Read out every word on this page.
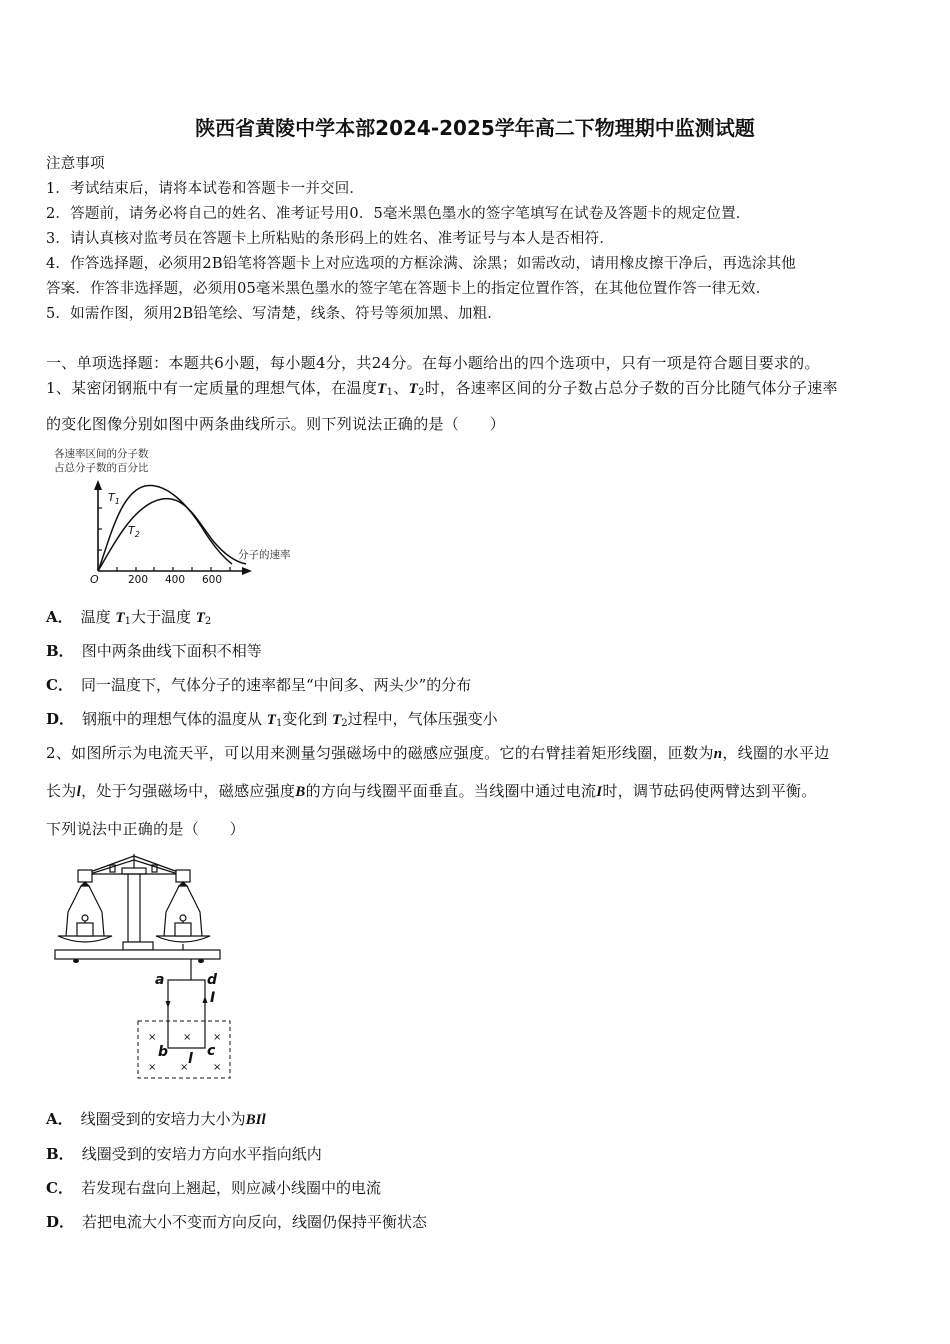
陕西省黄陵中学本部2024-2025学年高二下物理期中监测试题
注意事项
1．考试结束后，请将本试卷和答题卡一并交回．
2．答题前，请务必将自己的姓名、准考证号用0．5毫米黑色墨水的签字笔填写在试卷及答题卡的规定位置．
3．请认真核对监考员在答题卡上所粘贴的条形码上的姓名、准考证号与本人是否相符．
4．作答选择题，必须用2B铅笔将答题卡上对应选项的方框涂满、涂黑；如需改动，请用橡皮擦干净后，再选涂其他
答案．作答非选择题，必须用05毫米黑色墨水的签字笔在答题卡上的指定位置作答，在其他位置作答一律无效．
5．如需作图，须用2B铅笔绘、写清楚，线条、符号等须加黑、加粗．
一、单项选择题：本题共6小题，每小题4分，共24分。在每小题给出的四个选项中，只有一项是符合题目要求的。
1、某密闭钢瓶中有一定质量的理想气体，在温度$T_1$、$T_2$时，各速率区间的分子数占总分子数的百分比随气体分子速率
的变化图像分别如图中两条曲线所示。则下列说法正确的是（　　）
各速率区间的分子数
占总分子数的百分比
$T_1$
$T_2$
分子的速率
O	200 400 600
A． 温度 $T_1$大于温度 $T_2$
B． 图中两条曲线下面积不相等
C． 同一温度下，气体分子的速率都呈“中间多、两头少”的分布
D． 钢瓶中的理想气体的温度从 $T_1$变化到 $T_2$过程中，气体压强变小
2、如图所示为电流天平，可以用来测量匀强磁场中的磁感应强度。它的右臂挂着矩形线圈，匝数为n，线圈的水平边
长为l，处于匀强磁场中，磁感应强度B的方向与线圈平面垂直。当线圈中通过电流I时，调节砝码使两臂达到平衡。
下列说法中正确的是（　　）
×	× ×
× × ×
a	d
I
b	c
l
A． 线圈受到的安培力大小为BIl
B． 线圈受到的安培力方向水平指向纸内
C． 若发现右盘向上翘起，则应减小线圈中的电流
D． 若把电流大小不变而方向反向，线圈仍保持平衡状态
